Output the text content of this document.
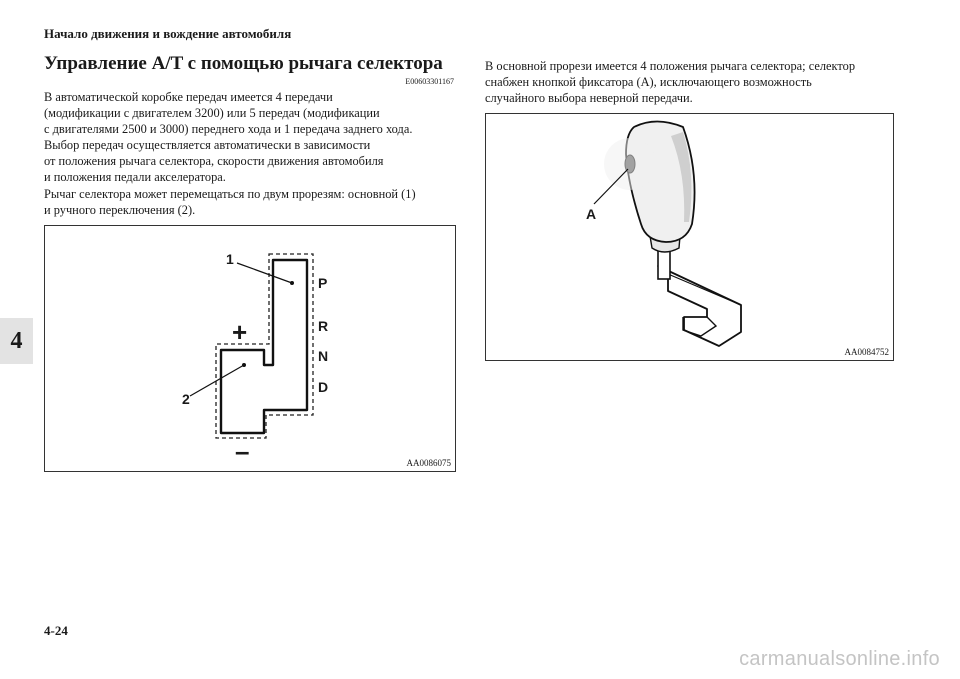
Начало движения и вождение автомобиля
4
Управление A/T с помощью рычага селектора
E00603301167
В автоматической коробке передач имеется 4 передачи
(модификации с двигателем 3200) или 5 передач (модификации
с двигателями 2500 и 3000) переднего хода и 1 передача заднего хода.
Выбор передач осуществляется автоматически в зависимости
от положения рычага селектора, скорости движения автомобиля
и положения педали акселератора.
Рычаг селектора может перемещаться по двум прорезям: основной (1)
и ручного переключения (2).
В основной прорези имеется 4 положения рычага селектора; селектор
снабжен кнопкой фиксатора (A), исключающего возможность
случайного выбора неверной передачи.
1
2
P
R
N
D
+
–	AA0086075
A
AA0084752
4-24
carmanualsonline.info
